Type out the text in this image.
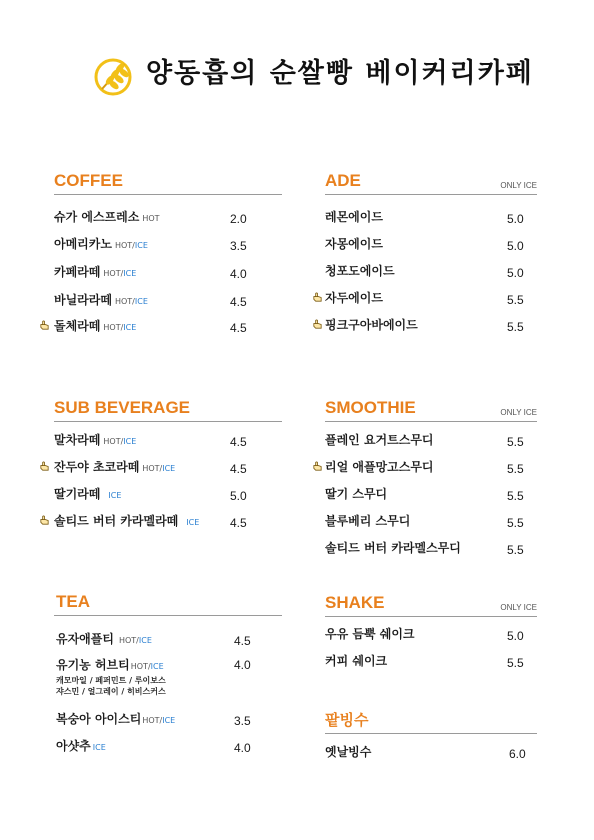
양동흡의 순쌀빵 베이커리카페
COFFEE
슈가 에스프레소 HOT	2.0
아메리카노 HOT/ICE	3.5
카페라떼 HOT/ICE	4.0
바닐라라떼 HOT/ICE	4.5
돌체라떼 HOT/ICE	4.5
ADE	ONLY ICE
레몬에이드	5.0
자몽에이드	5.0
청포도에이드	5.0
자두에이드	5.5
핑크구아바에이드	5.5
SUB BEVERAGE
말차라떼 HOT/ICE	4.5
잔두야 초코라떼 HOT/ICE	4.5
딸기라떼 ICE	5.0
솔티드 버터 카라멜라떼 ICE	4.5
SMOOTHIE	ONLY ICE
플레인 요거트스무디	5.5
리얼 애플망고스무디	5.5
딸기 스무디	5.5
블루베리 스무디	5.5
솔티드 버터 카라멜스무디	5.5
TEA
유자애플티 HOT/ICE	4.5
유기농 허브티HOT/ICE	4.0
캐모마일 / 페퍼민트 / 루이보스
쟈스민 / 얼그레이 / 히비스커스
복숭아 아이스티HOT/ICE	3.5
아샷추 ICE	4.0
SHAKE	ONLY ICE
우유 듬뿍 쉐이크	5.0
커피 쉐이크	5.5
팥빙수
옛날빙수	6.0
